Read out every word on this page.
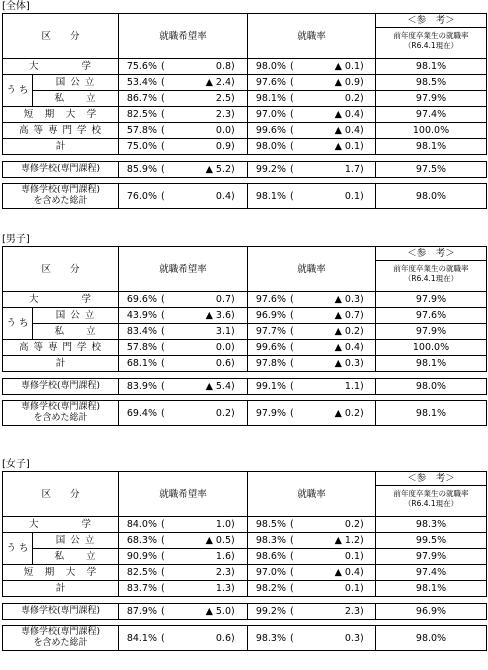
[全体]
区　　分		就職希望率	就職率	＜参　考＞
前年度卒業生の就職率
（R6.4.1現在）

大　　　　学		75.6% ( 0.8)	98.0% ( ▲ 0.1)	98.1%
う ち	国 公 立	53.4% ( ▲ 2.4)	97.6% ( ▲ 0.9)	98.5%
	私　　立	86.7% ( 2.5)	98.1% ( 0.2)	97.9%
短　期　大　学		82.5% ( 2.3)	97.0% ( ▲ 0.4)	97.4%
高 等 専 門 学 校		57.8% ( 0.0)	99.6% ( ▲ 0.4)	100.0%
計		75.0% ( 0.9)	98.0% ( ▲ 0.1)	98.1%
専修学校(専門課程)	85.9% (	▲ 5.2)	99.2% (	1.7)	97.5%
専修学校(専門課程)
を含めた総計	76.0% (	0.4)	98.1% (	0.1)	98.0%
[男子]
区　　分		就職希望率	就職率	＜参　考＞
前年度卒業生の就職率
（R6.4.1現在）

大　　　　学		69.6% ( 0.7)	97.6% ( ▲ 0.3)	97.9%
う ち	国 公 立	43.9% ( ▲ 3.6)	96.9% ( ▲ 0.7)	97.6%
	私　　立	83.4% ( 3.1)	97.7% ( ▲ 0.2)	97.9%
高 等 専 門 学 校		57.8% ( 0.0)	99.6% ( ▲ 0.4)	100.0%
計		68.1% ( 0.6)	97.8% ( ▲ 0.3)	98.1%
専修学校(専門課程)	83.9% (	▲ 5.4)	99.1% (	1.1)	98.0%
専修学校(専門課程)
を含めた総計	69.4% (	0.2)	97.9% (	▲ 0.2)	98.1%
[女子]
区　　分		就職希望率	就職率	＜参　考＞
前年度卒業生の就職率
（R6.4.1現在）

大　　　　学		84.0% ( 1.0)	98.5% ( 0.2)	98.3%
う ち	国 公 立	68.3% ( ▲ 0.5)	98.3% ( ▲ 1.2)	99.5%
	私　　立	90.9% ( 1.6)	98.6% ( 0.1)	97.9%
短　期　大　学		82.5% ( 2.3)	97.0% ( ▲ 0.4)	97.4%
計		83.7% ( 1.3)	98.2% ( 0.1)	98.1%
専修学校(専門課程)	87.9% (	▲ 5.0)	99.2% (	2.3)	96.9%
専修学校(専門課程)
を含めた総計	84.1% (	0.6)	98.3% (	0.3)	98.0%
